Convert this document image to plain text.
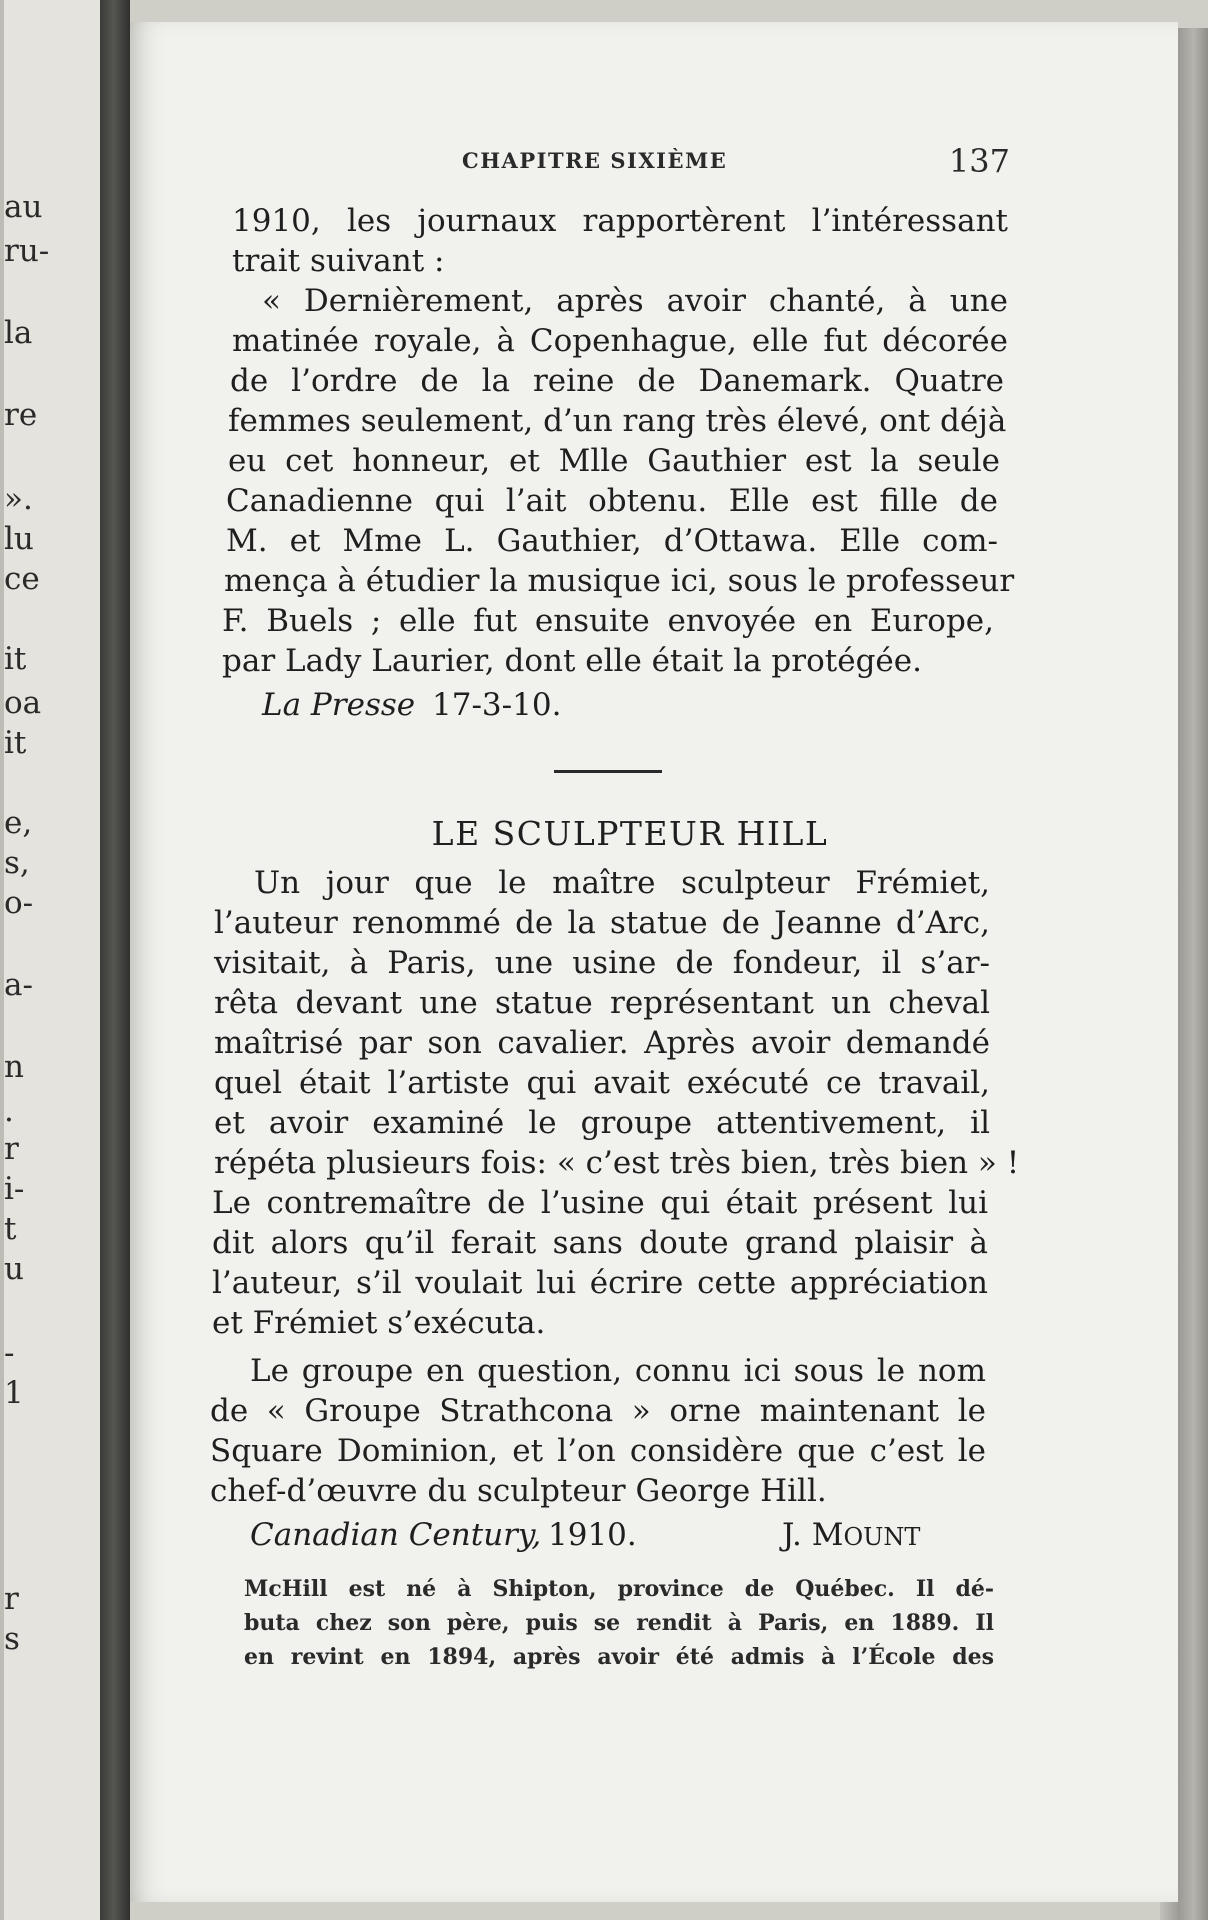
au
ru-
la
re
».
lu
ce
it
oa
it
e,
s,
o-
a-
n
.
r
i-
t
u
-
1
r
s
CHAPITRE SIXIÈME	137
1910, les journaux rapportèrent l’intéressant
trait suivant :
« Dernièrement, après avoir chanté, à une
matinée royale, à Copenhague, elle fut décorée
de l’ordre de la reine de Danemark. Quatre
femmes seulement, d’un rang très élevé, ont déjà
eu cet honneur, et Mlle Gauthier est la seule
Canadienne qui l’ait obtenu. Elle est fille de
M. et Mme L. Gauthier, d’Ottawa. Elle com-
mença à étudier la musique ici, sous le professeur
F. Buels ; elle fut ensuite envoyée en Europe,
par Lady Laurier, dont elle était la protégée.
La Presse 17-3-10.
LE SCULPTEUR HILL
Un jour que le maître sculpteur Frémiet,
l’auteur renommé de la statue de Jeanne d’Arc,
visitait, à Paris, une usine de fondeur, il s’ar-
rêta devant une statue représentant un cheval
maîtrisé par son cavalier. Après avoir demandé
quel était l’artiste qui avait exécuté ce travail,
et avoir examiné le groupe attentivement, il
répéta plusieurs fois: « c’est très bien, très bien » !
Le contremaître de l’usine qui était présent lui
dit alors qu’il ferait sans doute grand plaisir à
l’auteur, s’il voulait lui écrire cette appréciation
et Frémiet s’exécuta.
Le groupe en question, connu ici sous le nom
de « Groupe Strathcona » orne maintenant le
Square Dominion, et l’on considère que c’est le
chef-d’œuvre du sculpteur George Hill.
Canadian Century, 1910.	J. MOUNT
McHill est né à Shipton, province de Québec. Il dé-
buta chez son père, puis se rendit à Paris, en 1889. Il
en revint en 1894, après avoir été admis à l’École des
